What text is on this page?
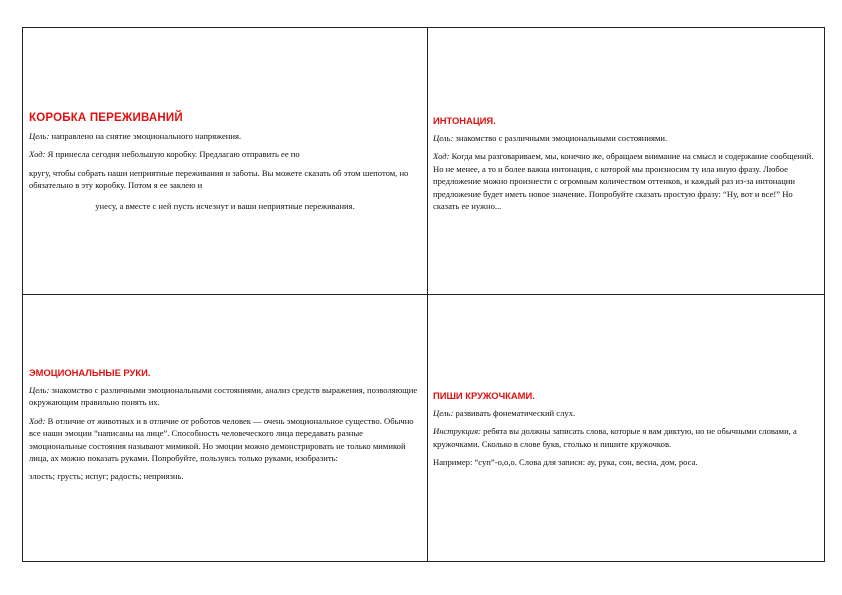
КОРОБКА ПЕРЕЖИВАНИЙ

Цель: направлено на снятие эмоционального напряжения.

Ход: Я принесла сегодня небольшую коробку. Предлагаю отправить ее по

кругу, чтобы собрать наши неприятные переживания и заботы. Вы можете сказать об этом шепотом, но обязательно в эту коробку. Потом я ее заклею и

унесу, а вместе с ней пусть исчезнут и ваши неприятные переживания.

ИНТОНАЦИЯ.

Цель: знакомство с различными эмоциональными состояниями.

Ход: Когда мы разговариваем, мы, конечно же, обращаем внимание на смысл и содержание сообщений. Но не менее, а то и более важна интонация, с которой мы произносим ту ила иную фразу. Любое предложение можно произнести с огромным количеством оттенков, и каждый раз из-за интонации предложение будет иметь новое значение. Попробуйте сказать простую фразу: “Ну, вот и все!” Но сказать ее нужно...

ЭМОЦИОНАЛЬНЫЕ РУКИ.

Цель: знакомство с различными эмоциональными состояниями, анализ средств выражения, позволяющие окружающим правильно понять их.

Ход: В отличие от животных и в отличие от роботов человек — очень эмоциональное существо. Обычно все наши эмоции “написаны на лице”. Способность человеческого лица передавать разные эмоциональные состояния называют мимикой. Но эмоции можно демонстрировать не только мимикой лица, ах можно показать руками. Попробуйте, пользуясь только руками, изобразить:

злость; грусть; испуг; радость; неприязнь.

ПИШИ КРУЖОЧКАМИ.

Цель: развивать фонематический слух.

Инструкция: ребята вы должны записать слова, которые я вам диктую, но не обычными словами, а кружочками. Сколько в слове букв, столько и пишите кружочков.

Например: “суп”-о,о,о. Слова для записи: ау, рука, сон, весна, дом, роса.
